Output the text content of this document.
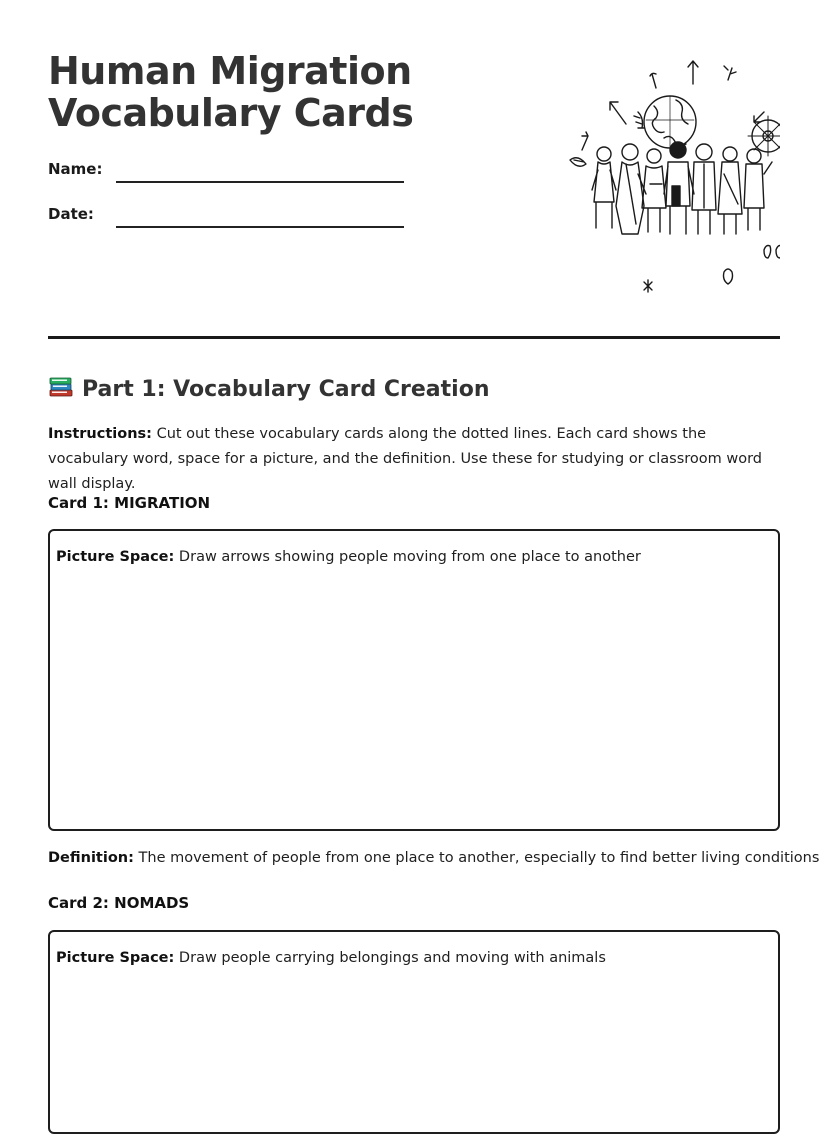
Human Migration
Vocabulary Cards
Name:
Date:
Part 1: Vocabulary Card Creation

Instructions: Cut out these vocabulary cards along the dotted lines. Each card shows the vocabulary word, space for a picture, and the definition. Use these for studying or classroom word wall display.

Card 1: MIGRATION

Picture Space: Draw arrows showing people moving from one place to another

Definition: The movement of people from one place to another, especially to find better living conditions

Card 2: NOMADS

Picture Space: Draw people carrying belongings and moving with animals
